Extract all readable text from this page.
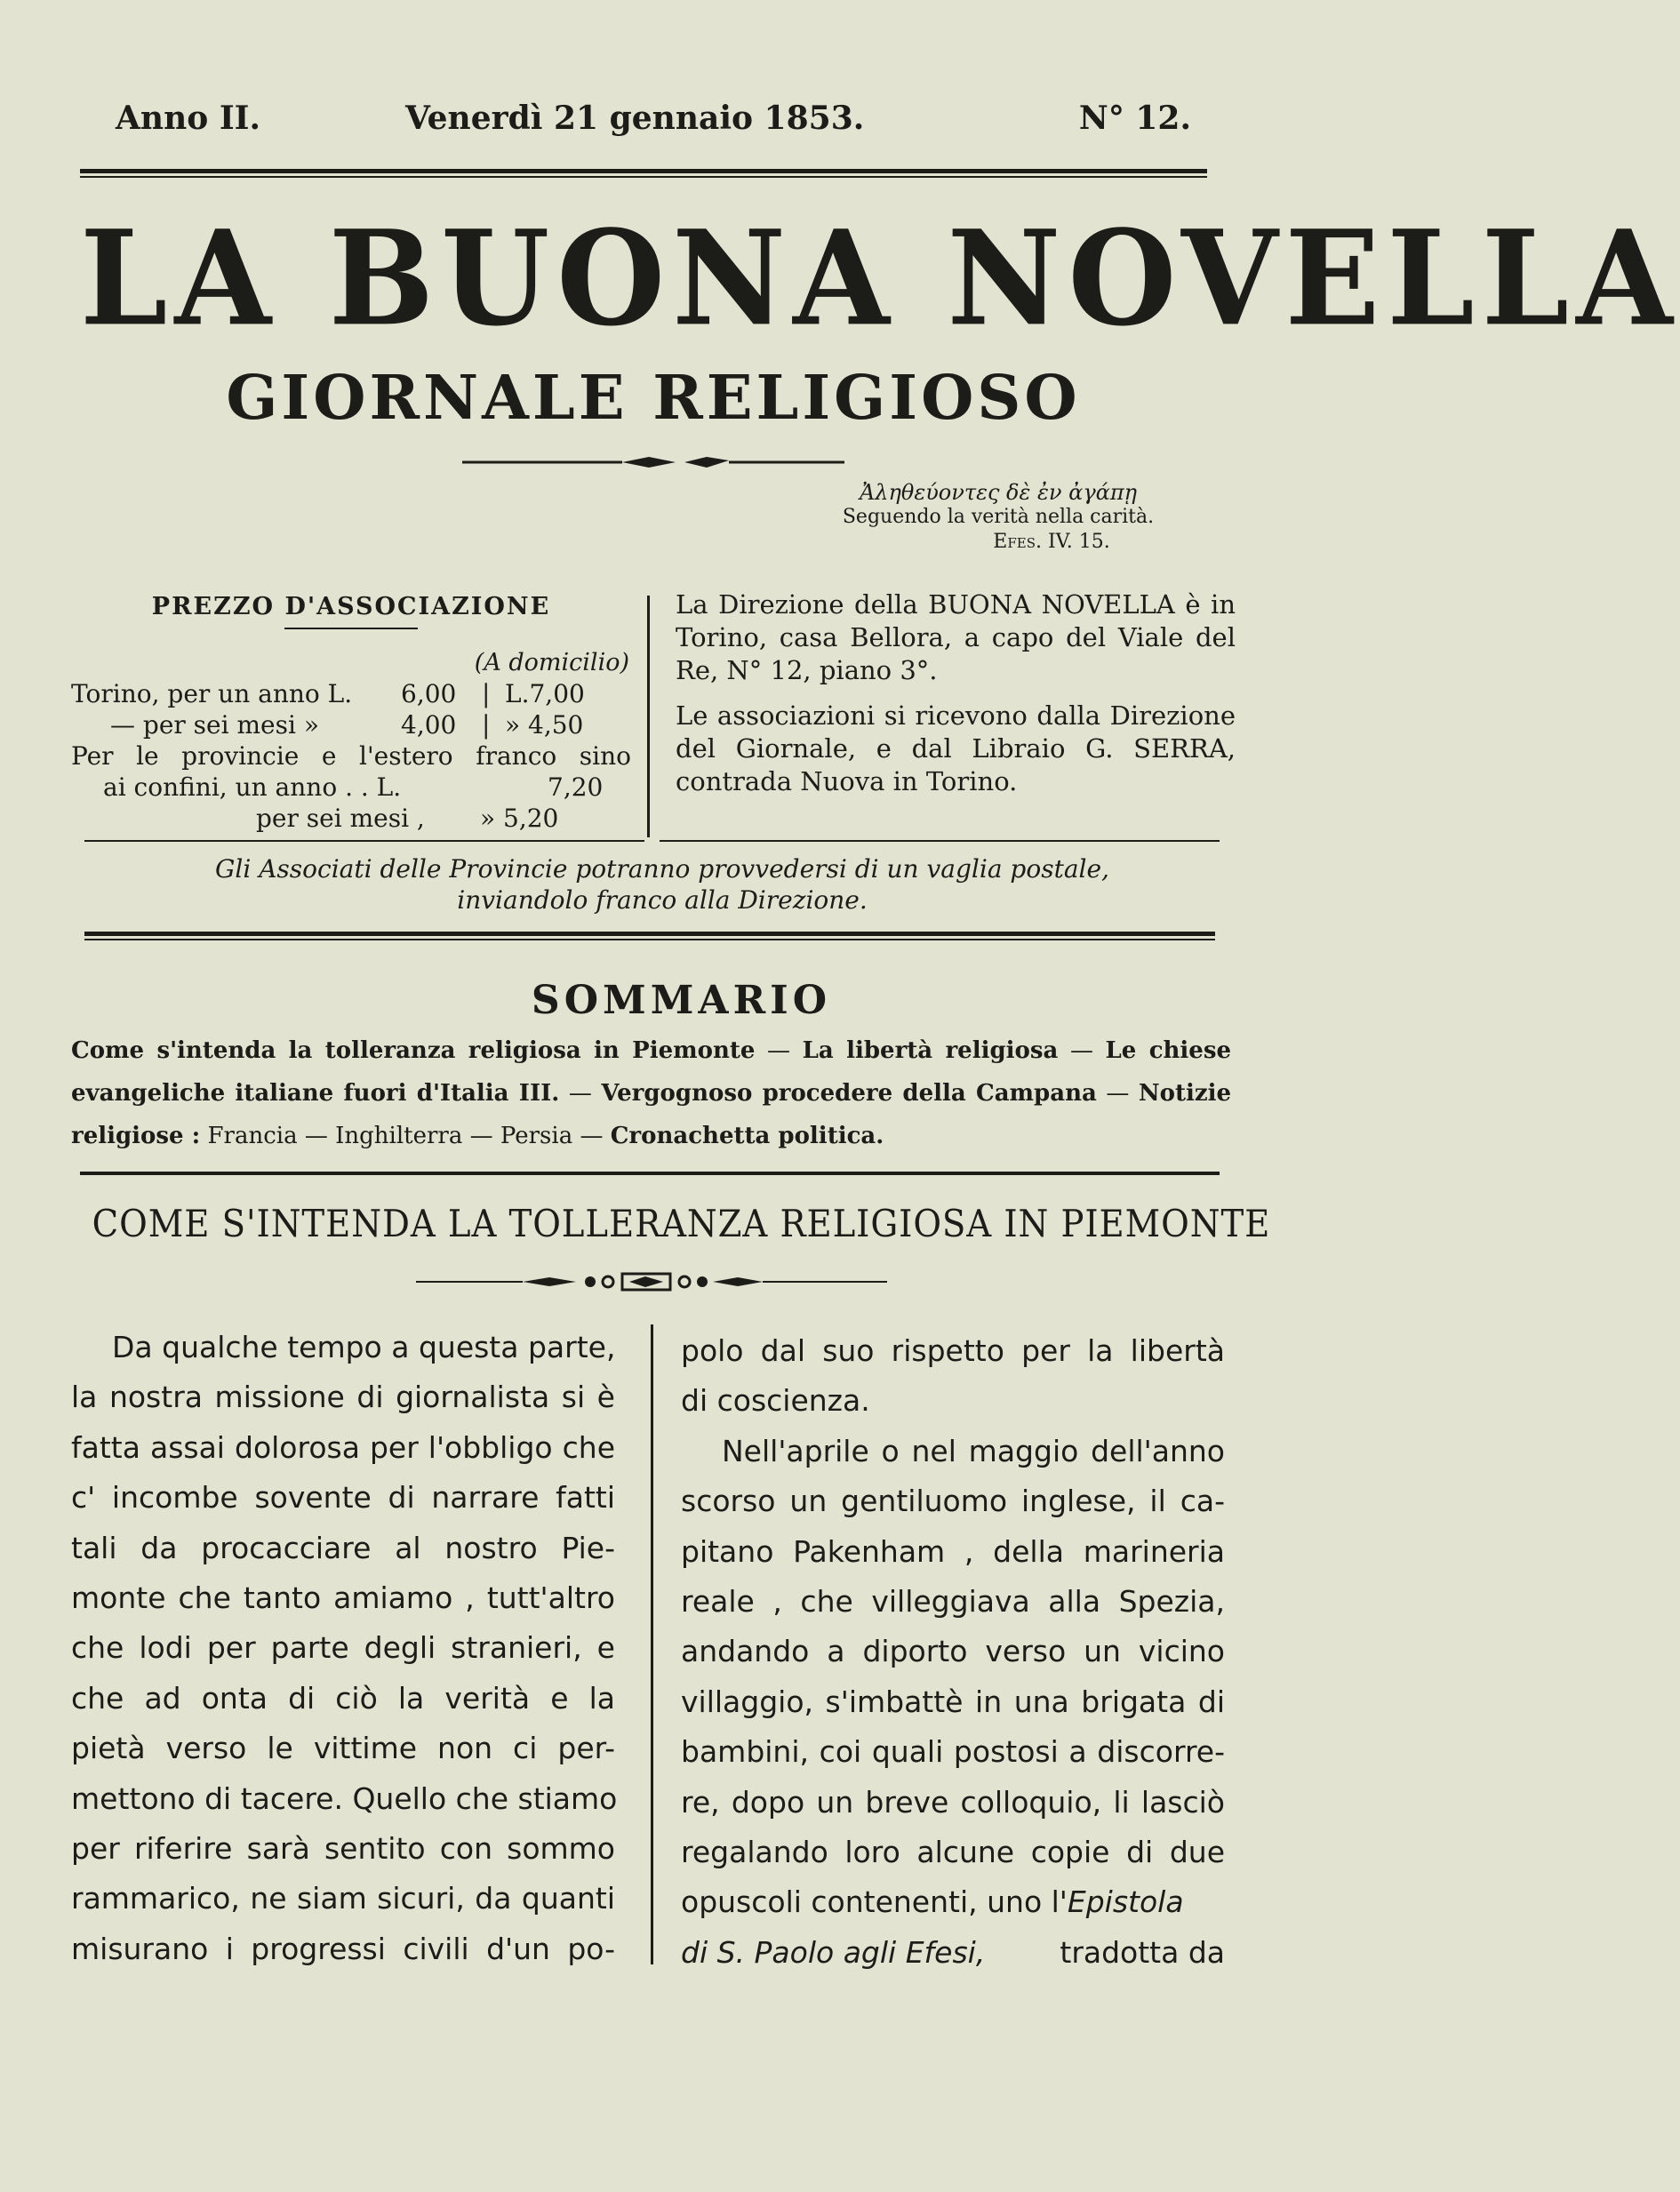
Anno II.	Venerdì 21 gennaio 1853.	N° 12.
LA BUONA NOVELLA
GIORNALE RELIGIOSO
Ἀληθεύοντες δὲ ἐν ἀγάπῃ
Seguendo la verità nella carità.
Efes. IV. 15.
PREZZO D'ASSOCIAZIONE
(A domicilio)
Torino, per un anno L. 6,00 | L.7,00
— per sei mesi »	4,00 | » 4,50
Per le provincie e l'estero franco sino
ai confini, un anno . . L.	7,20
per sei mesi , » 5,20

La Direzione della BUONA NOVELLA è in Torino, casa Bellora, a capo del Viale del Re, N° 12, piano 3°.

Le associazioni si ricevono dalla Direzione del Giornale, e dal Libraio G. SERRA, contrada Nuova in Torino.

Gli Associati delle Provincie potranno provvedersi di un vaglia postale,
inviandolo franco alla Direzione.
SOMMARIO
Come s'intenda la tolleranza religiosa in Piemonte — La libertà religiosa — Le chiese evangeliche italiane fuori d'Italia III. — Vergognoso procedere della Campana — Notizie religiose : Francia — Inghilterra — Persia — Cronachetta politica.
COME S'INTENDA LA TOLLERANZA RELIGIOSA IN PIEMONTE
Da qualche tempo a questa parte,
la nostra missione di giornalista si è
fatta assai dolorosa per l'obbligo che
c' incombe sovente di narrare fatti
tali da procacciare al nostro Pie-
monte che tanto amiamo , tutt'altro
che lodi per parte degli stranieri, e
che ad onta di ciò la verità e la
pietà verso le vittime non ci per-
mettono di tacere. Quello che stiamo
per riferire sarà sentito con sommo
rammarico, ne siam sicuri, da quanti
misurano i progressi civili d'un po-
polo dal suo rispetto per la libertà
di coscienza.
Nell'aprile o nel maggio dell'anno
scorso un gentiluomo inglese, il ca-
pitano Pakenham , della marineria
reale , che villeggiava alla Spezia,
andando a diporto verso un vicino
villaggio, s'imbattè in una brigata di
bambini, coi quali postosi a discorre-
re, dopo un breve colloquio, li lasciò
regalando loro alcune copie di due
opuscoli contenenti, uno l'Epistola
di S. Paolo agli Efesi,	tradotta da
